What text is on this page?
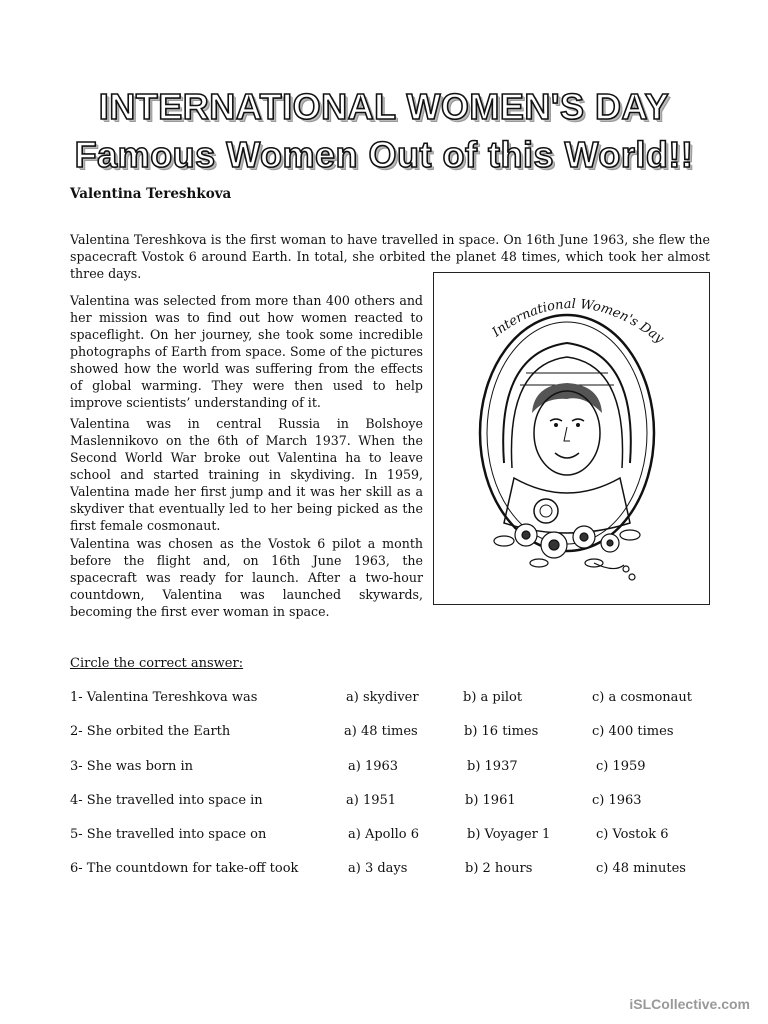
INTERNATIONAL WOMEN'S DAY
Famous Women Out of this World!!
Valentina Tereshkova

Valentina Tereshkova is the first woman to have travelled in space. On 16th June 1963, she flew the spacecraft Vostok 6 around Earth. In total, she orbited the planet 48 times, which took her almost three days.

Valentina was selected from more than 400 others and her mission was to find out how women reacted to spaceflight. On her journey, she took some incredible photographs of Earth from space. Some of the pictures showed how the world was suffering from the effects of global warming. They were then used to help improve scientists’ understanding of it.

Valentina was in central Russia in Bolshoye Maslennikovo on the 6th of March 1937. When the Second World War broke out Valentina ha to leave school and started training in skydiving. In 1959, Valentina made her first jump and it was her skill as a skydiver that eventually led to her being picked as the first female cosmonaut.

Valentina was chosen as the Vostok 6 pilot a month before the flight and, on 16th June 1963, the spacecraft was ready for launch. After a two-hour countdown, Valentina was launched skywards, becoming the first ever woman in space.

International Women's Day
Circle the correct answer:
1- Valentina Tereshkova was	a) skydiver	b) a pilot	c) a cosmonaut
2- She orbited the Earth	a) 48 times	b) 16 times	c) 400 times
3- She was born in	a) 1963	b) 1937	c) 1959
4- She travelled into space in	a) 1951	b) 1961	c) 1963
5- She travelled into space on	a) Apollo 6	b) Voyager 1	c) Vostok 6
6- The countdown for take-off took	a) 3 days	b) 2 hours	c) 48 minutes
iSLCollective.com
